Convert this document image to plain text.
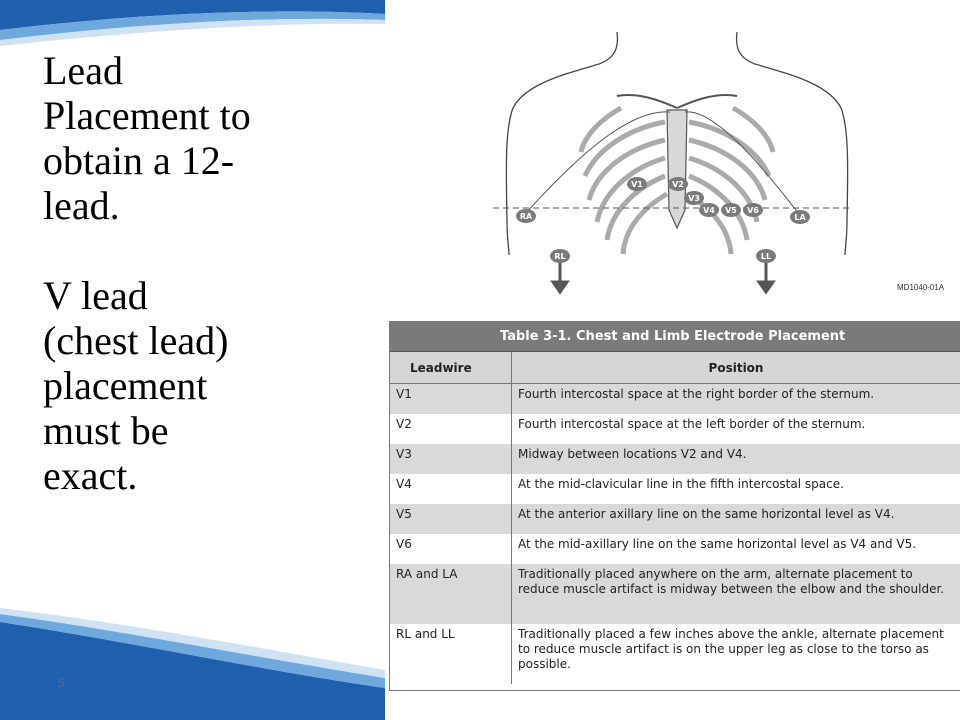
Lead

Placement to

obtain a 12-

lead.

V lead

(chest lead)

placement

must be

exact.

5
V1	V2
V3
V4 V5 V6
RA	LA
RL	LL
MD1040-01A
Table 3-1. Chest and Limb Electrode Placement
Leadwire	Position
V1	Fourth intercostal space at the right border of the sternum.
V2	Fourth intercostal space at the left border of the sternum.
V3	Midway between locations V2 and V4.
V4	At the mid-clavicular line in the fifth intercostal space.
V5	At the anterior axillary line on the same horizontal level as V4.
V6	At the mid-axillary line on the same horizontal level as V4 and V5.
RA and LA	Traditionally placed anywhere on the arm, alternate placement to reduce muscle artifact is midway between the elbow and the shoulder.
RL and LL	Traditionally placed a few inches above the ankle, alternate placement to reduce muscle artifact is on the upper leg as close to the torso as possible.
